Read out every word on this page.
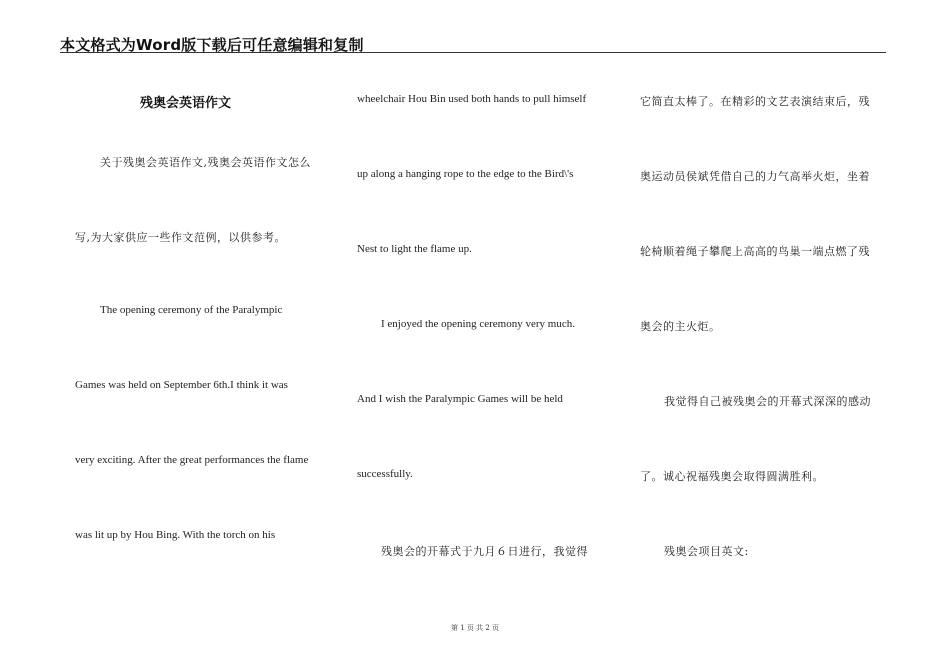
本文格式为Word版下载后可任意编辑和复制
残奥会英语作文
关于残奥会英语作文,残奥会英语作文怎么
写,为大家供应一些作文范例，以供参考。
The opening ceremony of the Paralympic
Games was held on September 6th.I think it was
very exciting. After the great performances the flame
was lit up by Hou Bing. With the torch on his
wheelchair Hou Bin used both hands to pull himself
up along a hanging rope to the edge to the Bird\'s
Nest to light the flame up.
I enjoyed the opening ceremony very much.
And I wish the Paralympic Games will be held
successfully.
残奥会的开幕式于九月６日进行，我觉得
它简直太棒了。在精彩的文艺表演结束后，残
奥运动员侯斌凭借自己的力气高举火炬，坐着
轮椅顺着绳子攀爬上高高的鸟巢一端点燃了残
奥会的主火炬。
我觉得自己被残奥会的开幕式深深的感动
了。诚心祝福残奥会取得圆满胜利。
残奥会项目英文:
第 1 页 共 2 页
